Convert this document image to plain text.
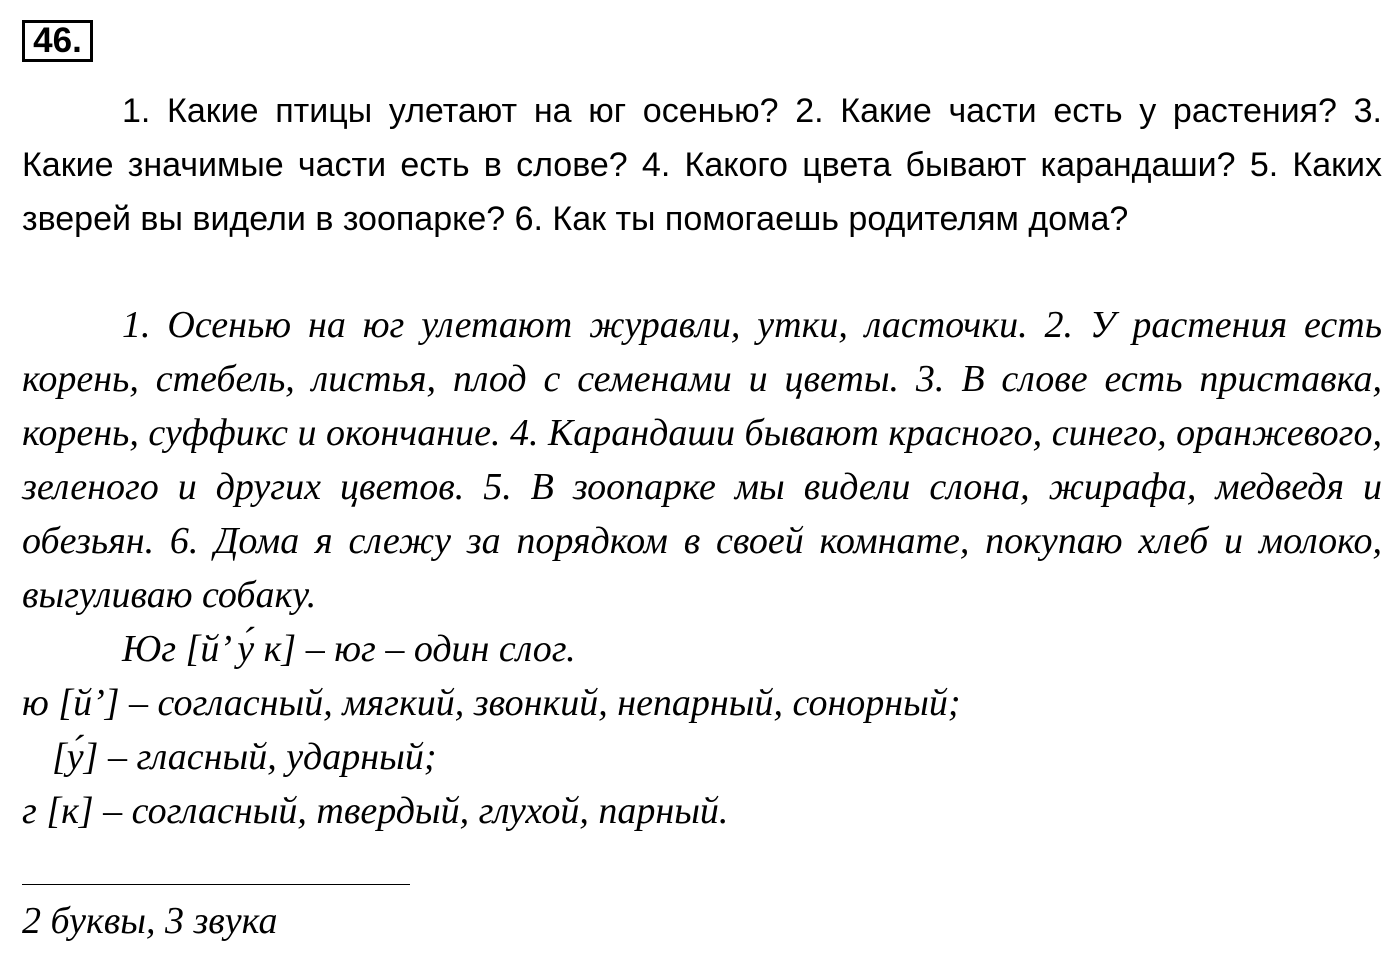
46.

1. Какие птицы улетают на юг осенью? 2. Какие части есть у растения? 3. Какие значимые части есть в слове? 4. Какого цвета бывают карандаши? 5. Каких зверей вы видели в зоопарке? 6. Как ты помогаешь родителям дома?

1. Осенью на юг улетают журавли, утки, ласточки. 2. У растения есть корень, стебель, листья, плод с семенами и цветы. 3. В слове есть приставка, корень, суффикс и окончание. 4. Карандаши бывают красного, синего, оранжевого, зеленого и других цветов. 5. В зоопарке мы видели слона, жирафа, медведя и обезьян. 6. Дома я слежу за порядком в своей комнате, покупаю хлеб и молоко, выгуливаю собаку.

Юг [й’ у́ к] – юг – один слог.

ю [й’] – согласный, мягкий, звонкий, непарный, сонорный;

[у́] – гласный, ударный;

г [к] – согласный, твердый, глухой, парный.

2 буквы, 3 звука
